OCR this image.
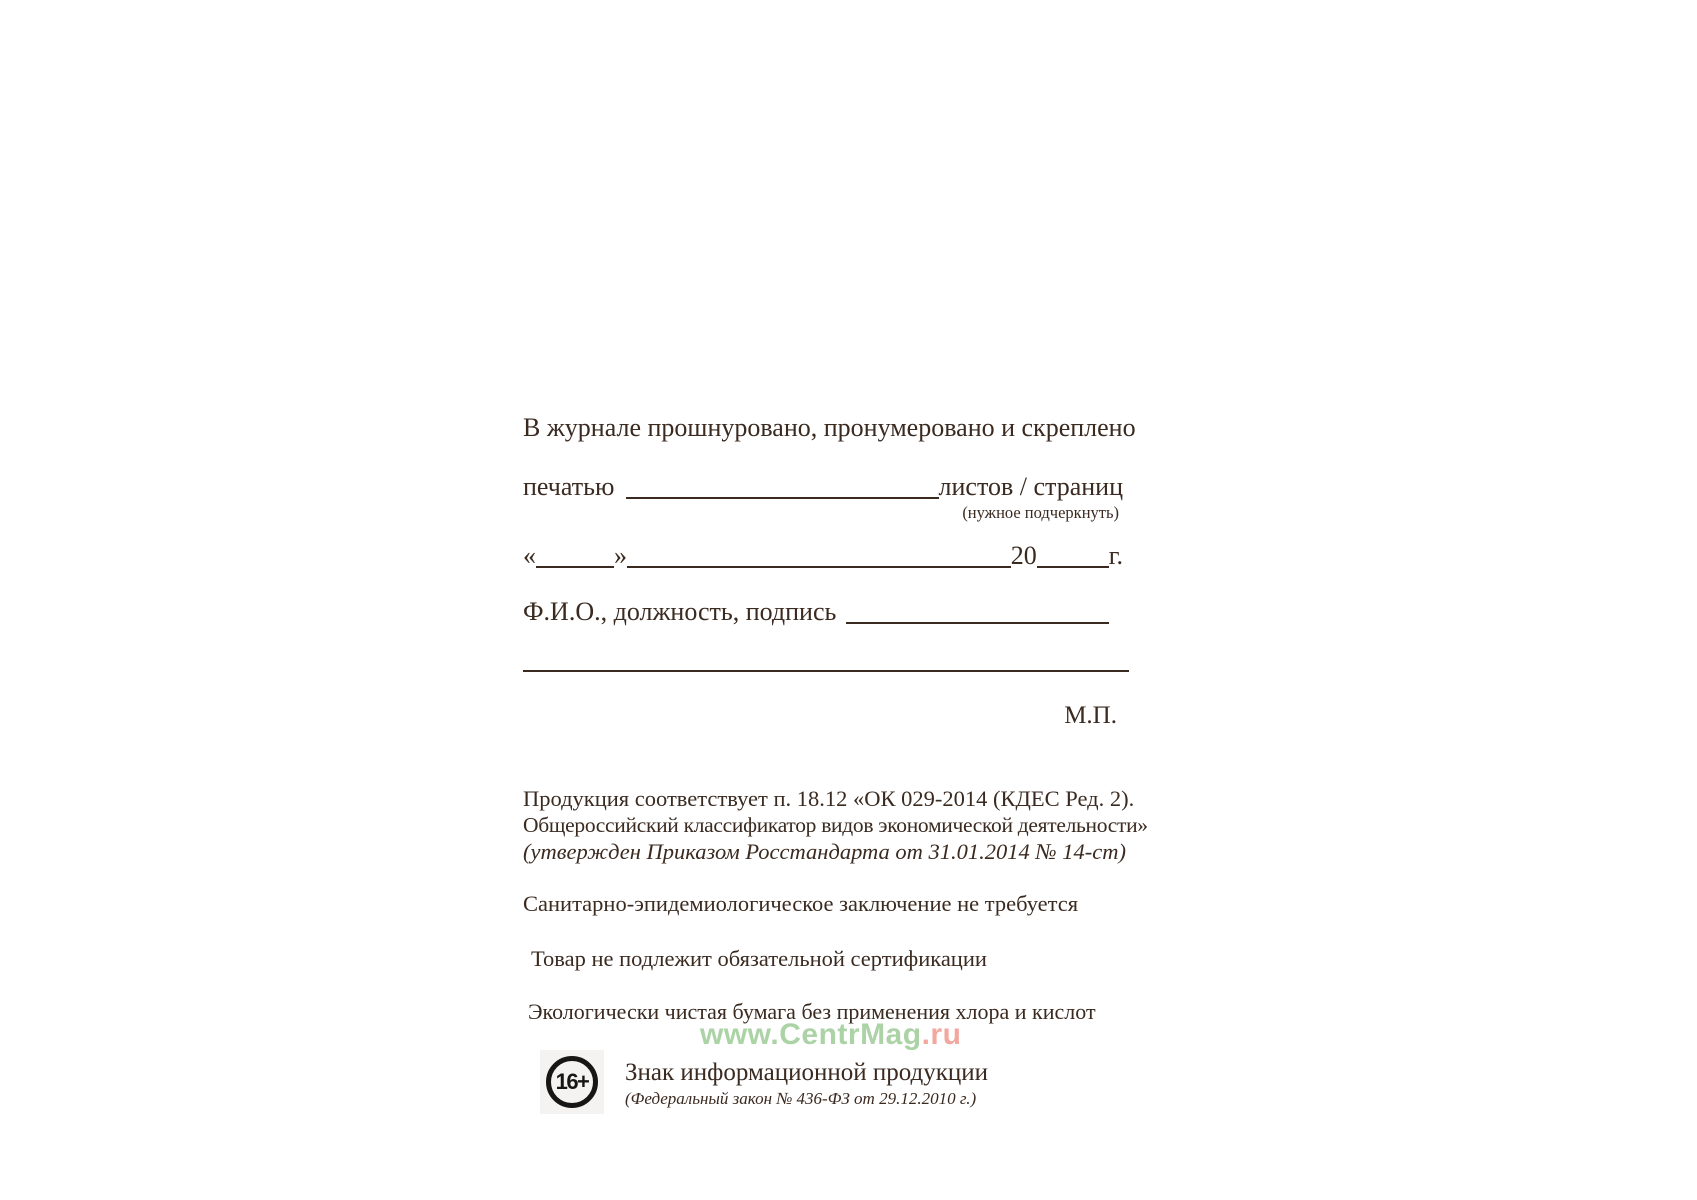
В журнале прошнуровано, пронумеровано и скреплено
печатью	листов / страниц
(нужное подчеркнуть)
«	»	20	г.
Ф.И.О., должность, подпись
М.П.
Продукция соответствует п. 18.12 «ОК 029-2014 (КДЕС Ред. 2).
Общероссийский классификатор видов экономической деятельности»
(утвержден Приказом Росстандарта от 31.01.2014 № 14-ст)
Санитарно-эпидемиологическое заключение не требуется
Товар не подлежит обязательной сертификации
Экологически чистая бумага без применения хлора и кислот
www.CentrMag.ru
16+	Знак информационной продукции
(Федеральный закон № 436-ФЗ от 29.12.2010 г.)
